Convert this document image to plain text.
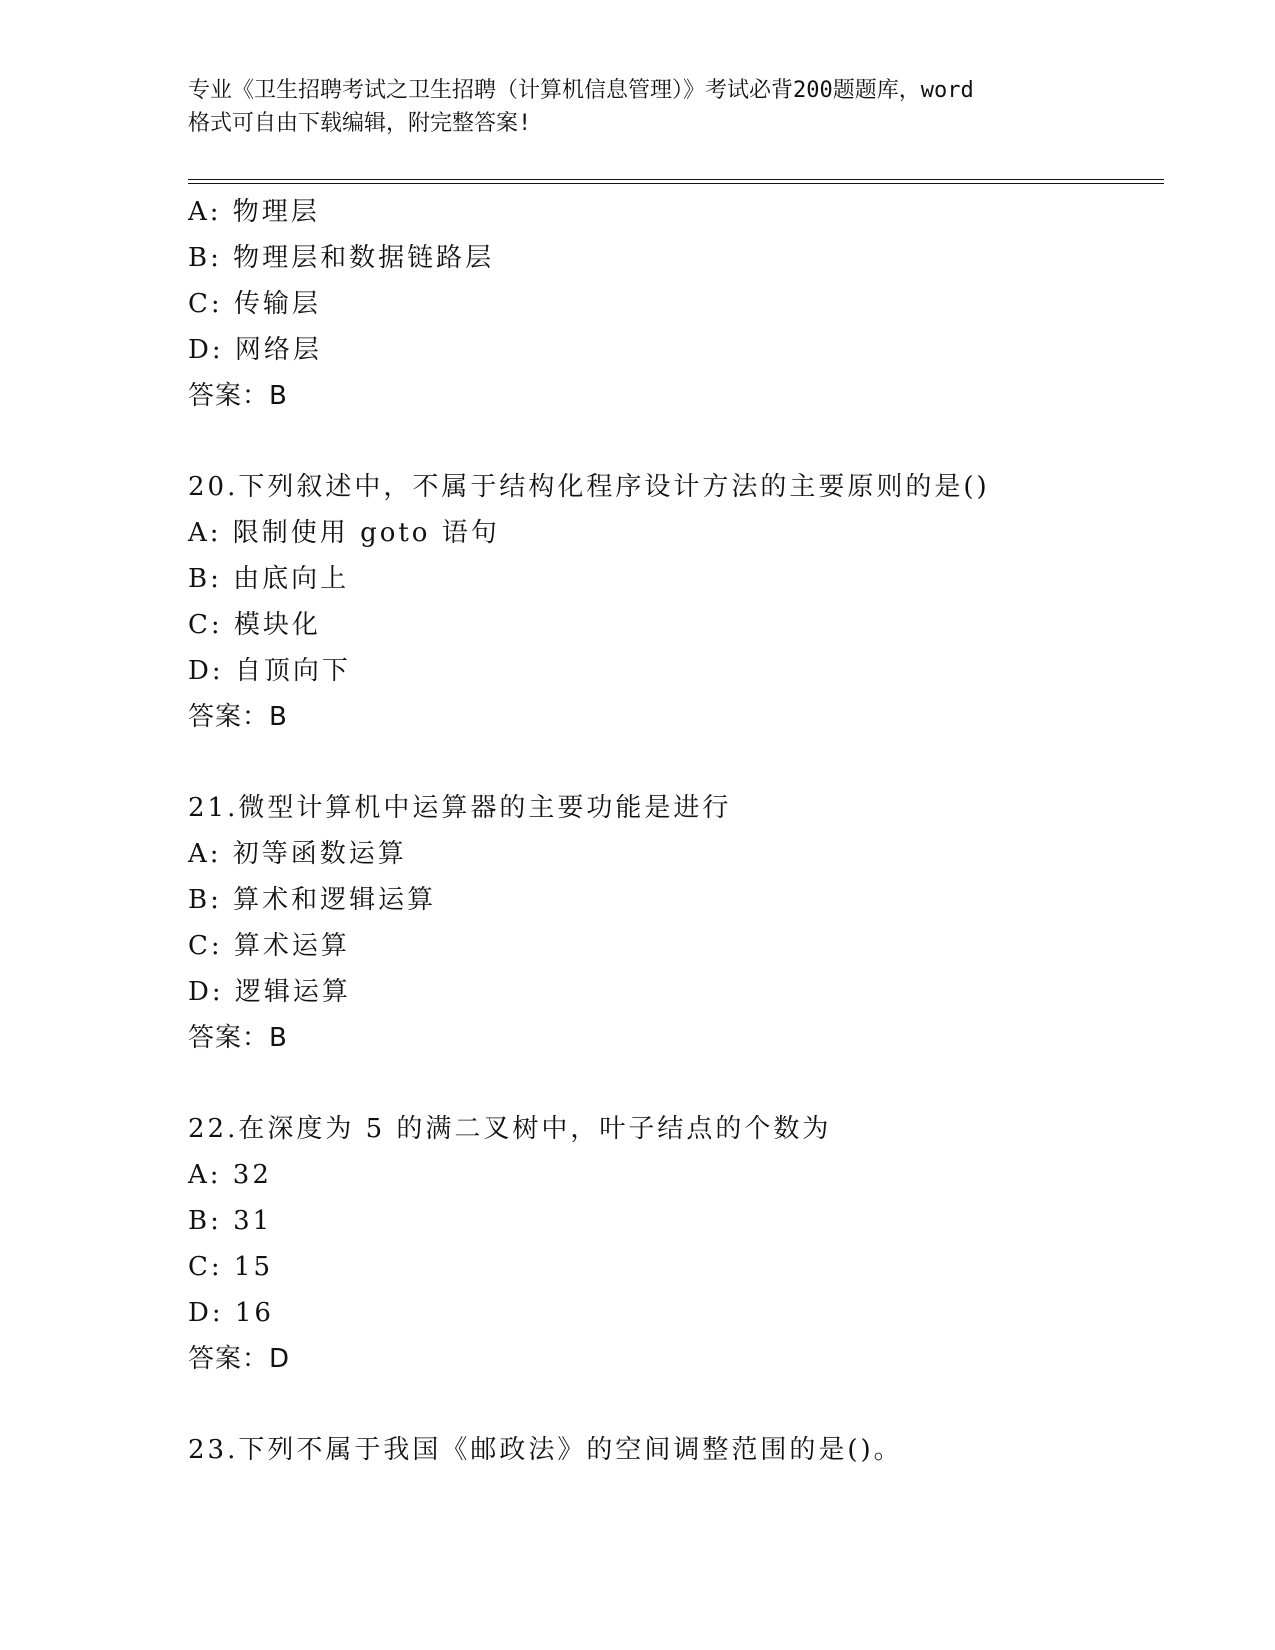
专业《卫生招聘考试之卫生招聘（计算机信息管理）》考试必背200题题库，word
格式可自由下载编辑，附完整答案!
A: 物理层
B: 物理层和数据链路层
C: 传输层
D: 网络层
答案：B
20.下列叙述中，不属于结构化程序设计方法的主要原则的是()
A: 限制使用 goto 语句
B: 由底向上
C: 模块化
D: 自顶向下
答案：B
21.微型计算机中运算器的主要功能是进行
A: 初等函数运算
B: 算术和逻辑运算
C: 算术运算
D: 逻辑运算
答案：B
22.在深度为 5 的满二叉树中，叶子结点的个数为
A: 32
B: 31
C: 15
D: 16
答案：D
23.下列不属于我国《邮政法》的空间调整范围的是()。
